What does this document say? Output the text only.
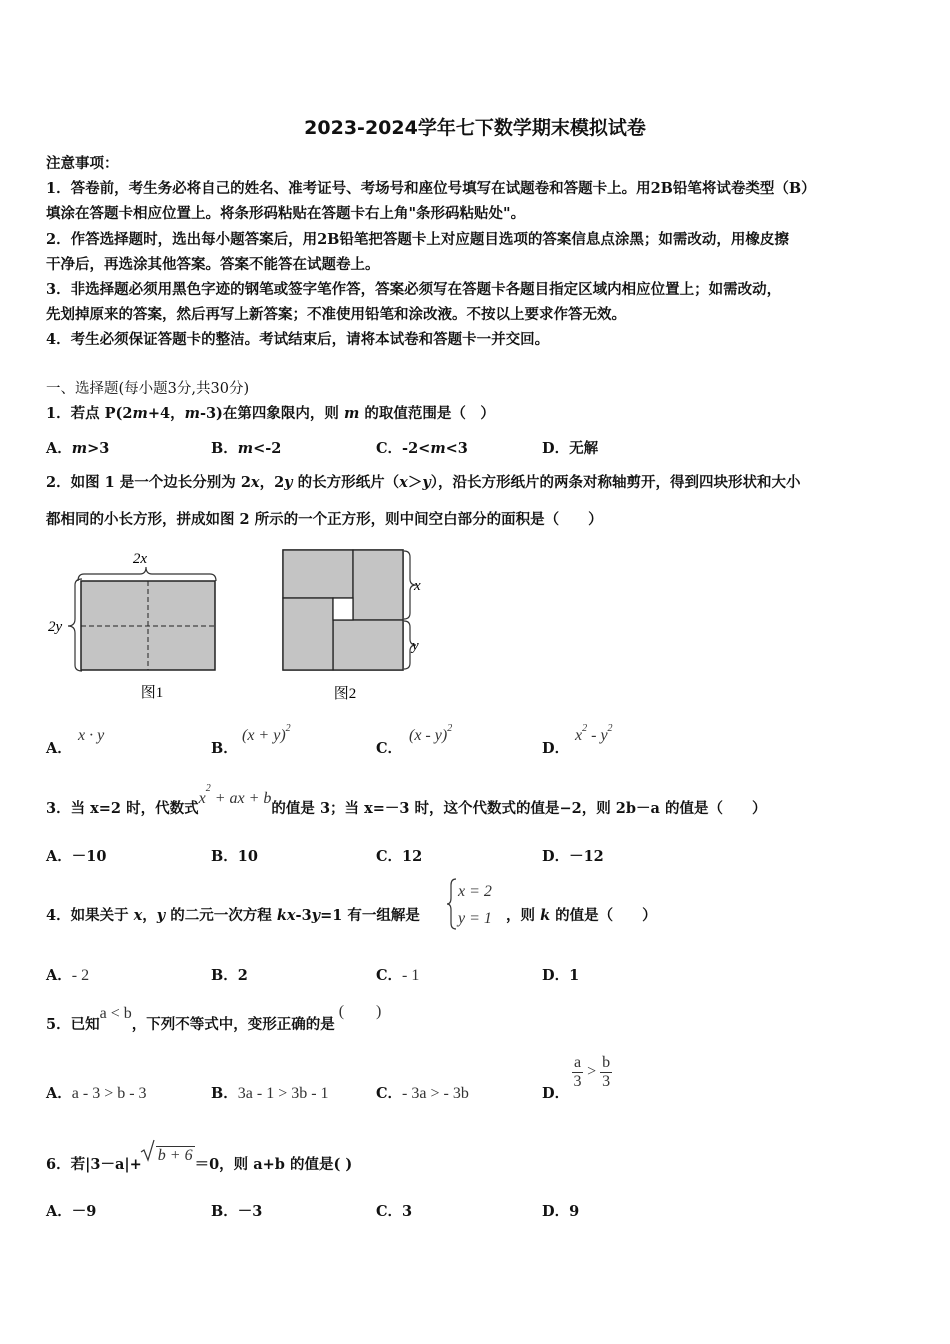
2023-2024学年七下数学期末模拟试卷
注意事项：
1．答卷前，考生务必将自己的姓名、准考证号、考场号和座位号填写在试题卷和答题卡上。用2B铅笔将试卷类型（B）
填涂在答题卡相应位置上。将条形码粘贴在答题卡右上角"条形码粘贴处"。
2．作答选择题时，选出每小题答案后，用2B铅笔把答题卡上对应题目选项的答案信息点涂黑；如需改动，用橡皮擦
干净后，再选涂其他答案。答案不能答在试题卷上。
3．非选择题必须用黑色字迹的钢笔或签字笔作答，答案必须写在答题卡各题目指定区域内相应位置上；如需改动，
先划掉原来的答案，然后再写上新答案；不准使用铅笔和涂改液。不按以上要求作答无效。
4．考生必须保证答题卡的整洁。考试结束后，请将本试卷和答题卡一并交回。
一、选择题(每小题3分,共30分)
1．若点 P(2m+4，m-3)在第四象限内，则 m 的取值范围是（　）
A．m>3	B．m<-2	C．-2<m<3	D．无解
2．如图 1 是一个边长分别为 2x，2y 的长方形纸片（x＞y），沿长方形纸片的两条对称轴剪开，得到四块形状和大小
都相同的小长方形，拼成如图 2 所示的一个正方形，则中间空白部分的面积是（　　）
2x
2y
图1
x
y
图2
A．
x · y
B．
$(x + y)^2$
C．
(x - y)$^2$
D．
$x^2 - y^2$
3．当 x=2 时，代数式$x^2$ + ax + b的值是 3；当 x=－3 时，这个代数式的值是−2，则 2b－a 的值是（　　）
A．－10	B．10	C．12	D．－12
4．如果关于 x，y 的二元一次方程 kx-3y=1 有一组解是
x = 2
y = 1 ，则 k 的值是（　　）
A．- 2	B．2	C．- 1	D．1
5．已知a < b，下列不等式中，变形正确的是(　　)
A．a - 3 > b - 3	B．3a - 1 > 3b - 1	C．- 3a > - 3b	D．
$\frac{a}{3} > \frac{b}{3}$
6．若|3－a|+b + 6＝0，则 a+b 的值是( )
A．－9	B．－3	C．3	D．9
